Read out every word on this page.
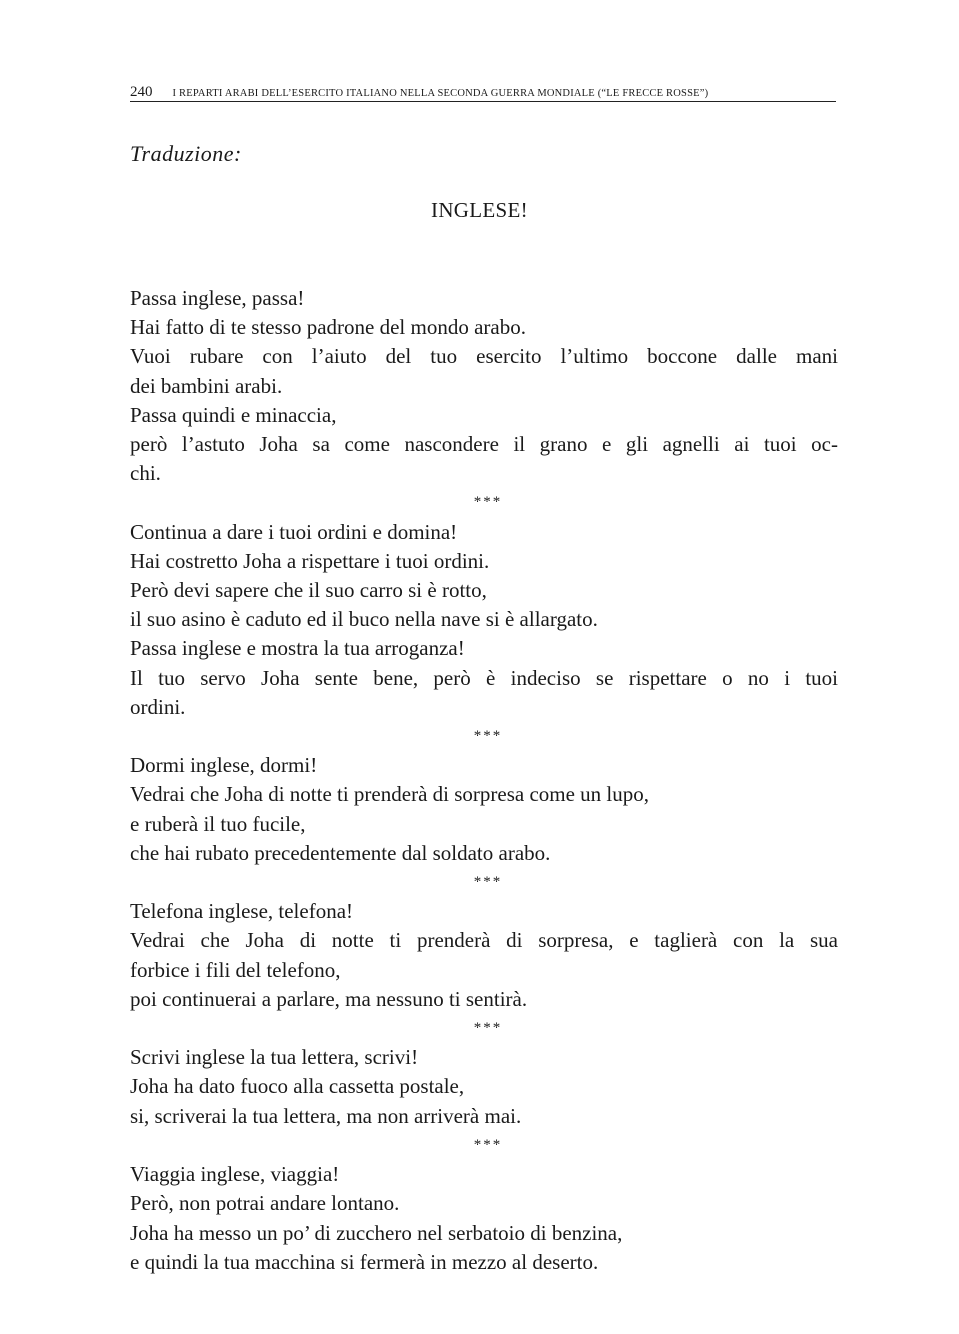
240 I REPARTI ARABI DELL’ESERCITO ITALIANO NELLA SECONDA GUERRA MONDIALE (“LE FRECCE ROSSE”)
Traduzione:
INGLESE!

Passa inglese, passa!

Hai fatto di te stesso padrone del mondo arabo.

Vuoi rubare con l’aiuto del tuo esercito l’ultimo boccone dalle mani

dei bambini arabi.

Passa quindi e minaccia,

però l’astuto Joha sa come nascondere il grano e gli agnelli ai tuoi oc-

chi.

***

Continua a dare i tuoi ordini e domina!

Hai costretto Joha a rispettare i tuoi ordini.

Però devi sapere che il suo carro si è rotto,

il suo asino è caduto ed il buco nella nave si è allargato.

Passa inglese e mostra la tua arroganza!

Il tuo servo Joha sente bene, però è indeciso se rispettare o no i tuoi

ordini.

***

Dormi inglese, dormi!

Vedrai che Joha di notte ti prenderà di sorpresa come un lupo,

e ruberà il tuo fucile,

che hai rubato precedentemente dal soldato arabo.

***

Telefona inglese, telefona!

Vedrai che Joha di notte ti prenderà di sorpresa, e taglierà con la sua

forbice i fili del telefono,

poi continuerai a parlare, ma nessuno ti sentirà.

***

Scrivi inglese la tua lettera, scrivi!

Joha ha dato fuoco alla cassetta postale,

si, scriverai la tua lettera, ma non arriverà mai.

***

Viaggia inglese, viaggia!

Però, non potrai andare lontano.

Joha ha messo un po’ di zucchero nel serbatoio di benzina,

e quindi la tua macchina si fermerà in mezzo al deserto.
